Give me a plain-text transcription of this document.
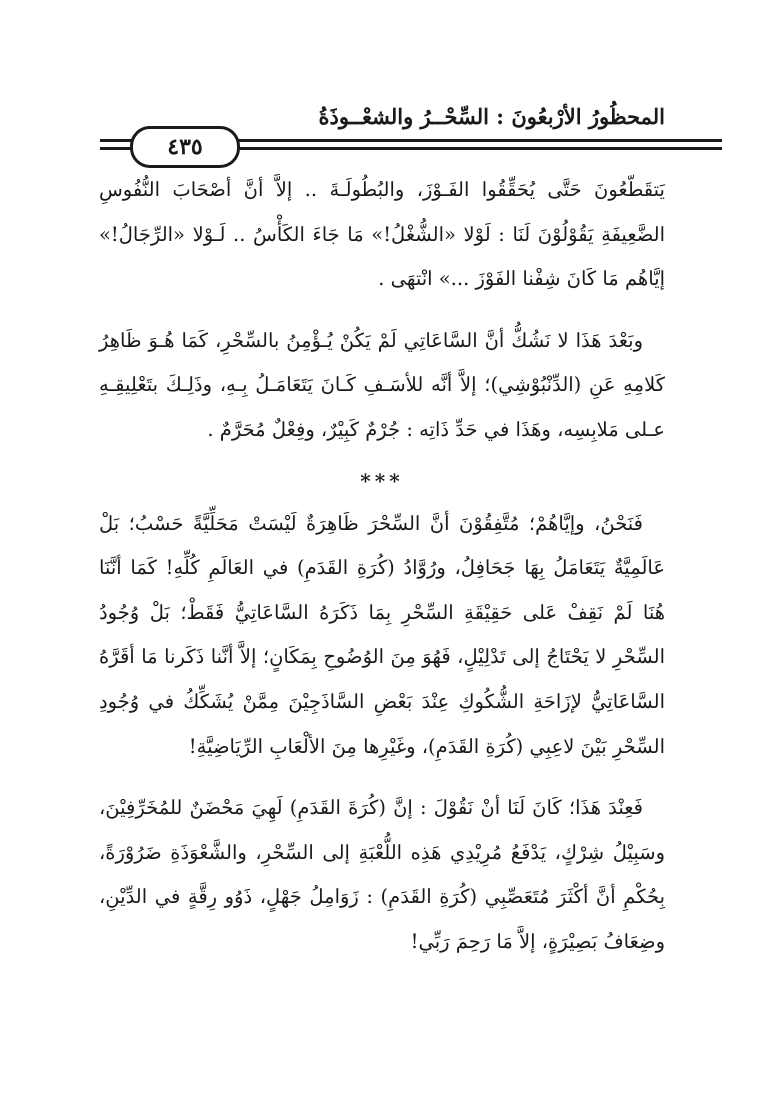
المحظُورُ الأرْبعُونَ : السِّحْــرُ والشعْــوذَةُ
٤٣٥

يَتقَطّعُونَ حَتَّى يُحَقِّقُوا الفَـوْزَ، والبُطُولَـةَ .. إلاَّ أنَّ أصْحَابَ النُّفُوسِ الضَّعِيفَةِ يَقُوْلُوْنَ لَنَا : لَوْلا «الشُّغْلُ!» مَا جَاءَ الكَأْسُ .. لَـوْلا «الرِّجَالُ!» إيَّاهُم مَا كَانَ شِفْنا الفَوْزَ ...» انْتهَى .

وبَعْدَ هَذَا لا نَشُكُّ أنَّ السَّاعَاتِي لَمْ يَكُنْ يُـؤْمِنُ بالسِّحْرِ، كَمَا هُـوَ ظَاهِرُ كَلامِهِ عَنِ (الدِّنْبُوْشِي)؛ إلاَّ أنَّه للأسَـفِ كَـانَ يَتَعَامَـلُ بِـهِ، وذَلِـكَ بتَعْلِيقِـهِ عـلى مَلابِسِه، وهَذَا في حَدِّ ذَاتِه : جُرْمٌ كَبِيْرٌ، وفِعْلٌ مُحَرَّمٌ .

***

فَنَحْنُ، وإيَّاهُمْ؛ مُتَّفِقُوْنَ أنَّ السِّحْرَ ظَاهِرَةٌ لَيْسَتْ مَحَلِّيَّةً حَسْبُ؛ بَلْ عَالَمِيَّةٌ يَتَعَامَلُ بِهَا جَحَافِلُ، ورُوَّادُ (كُرَةِ القَدَمِ) في العَالَمِ كُلِّهِ! كَمَا أنَّنَا هُنَا لَمْ نَقِفْ عَلى حَقِيْقَةِ السِّحْرِ بِمَا ذَكَرَهُ السَّاعَاتِيُّ فَقَطْ؛ بَلْ وُجُودُ السِّحْرِ لا يَحْتَاجُ إلى تَدْلِيْلٍ، فَهُوَ مِنَ الوُضُوحِ بِمَكَانٍ؛ إلاَّ أنَّنا ذَكَرنا مَا أقَرَّهُ السَّاعَاتِيُّ لإزَاحَةِ الشُّكُوكِ عِنْدَ بَعْضِ السَّاذَجِيْنَ مِمَّنْ يُشَكِّكُ في وُجُودِ السِّحْرِ بَيْنَ لاعِبِي (كُرَةِ القَدَمِ)، وغَيْرِها مِنَ الألْعَابِ الرِّيَاضِيَّةِ!

فَعِنْدَ هَذَا؛ كَانَ لَنَا أنْ نَقُوْلَ : إنَّ (كُرَةَ القَدَمِ) لَهِيَ مَحْضَنٌ للمُخَرِّفِيْنَ، وسَبِيْلُ شِرْكٍ، يَدْفَعُ مُرِيْدِي هَذِه اللُّعْبَةِ إلى السِّحْرِ، والشَّعْوَذَةِ ضَرُوْرَةً، بِحُكْمِ أنَّ أكْثَرَ مُتَعَصِّبِي (كُرَةِ القَدَمِ) : زَوَامِلُ جَهْلٍ، ذَوُو رِقَّةٍ في الدِّيْنِ، وضِعَافُ بَصِيْرَةٍ، إلاَّ مَا رَحِمَ رَبِّي!
